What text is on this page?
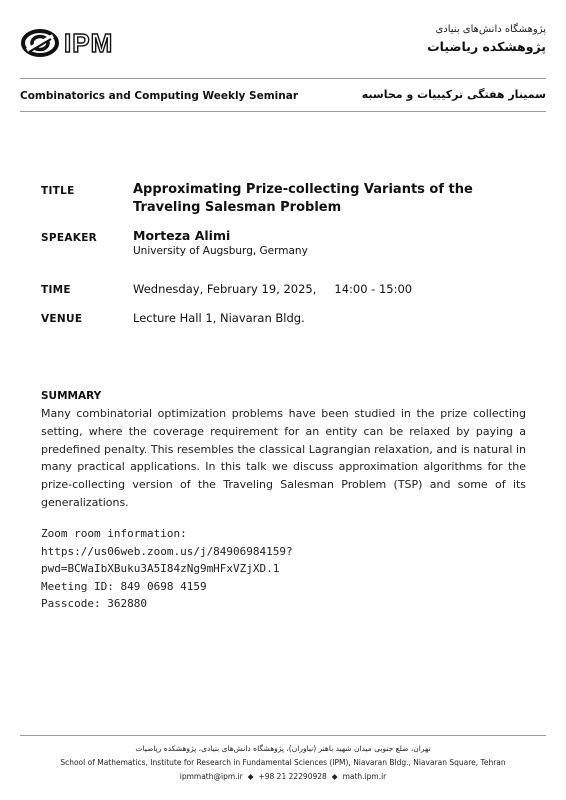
IPM	پژوهشگاه دانش‌های بنیادی
پژوهشکده ریاضیات
Combinatorics and Computing Weekly Seminar	سمینار هفتگی ترکیبیات و محاسبه
TITLE	Approximating Prize-collecting Variants of the Traveling Salesman Problem
SPEAKER	Morteza Alimi
University of Augsburg, Germany
TIME	Wednesday, February 19, 2025, 14:00 - 15:00
VENUE	Lecture Hall 1, Niavaran Bldg.
SUMMARY

Many combinatorial optimization problems have been studied in the prize collecting setting, where the coverage requirement for an entity can be relaxed by paying a predefined penalty. This resembles the classical Lagrangian relaxation, and is natural in many practical applications. In this talk we discuss approximation algorithms for the prize-collecting version of the Traveling Salesman Problem (TSP) and some of its generalizations.

Zoom room information:
https://us06web.zoom.us/j/84906984159?
pwd=BCWaIbXBuku3A5I84zNg9mHFxVZjXD.1
Meeting ID: 849 0698 4159
Passcode: 362880
تهران، ضلع جنوبی میدان شهید باهنر (نیاوران)، پژوهشگاه دانش‌های بنیادی، پژوهشکده ریاضیات
School of Mathematics, Institute for Research in Fundamental Sciences (IPM), Niavaran Bldg., Niavaran Square, Tehran
ipmmath@ipm.ir ◆ +98 21 22290928 ◆ math.ipm.ir
